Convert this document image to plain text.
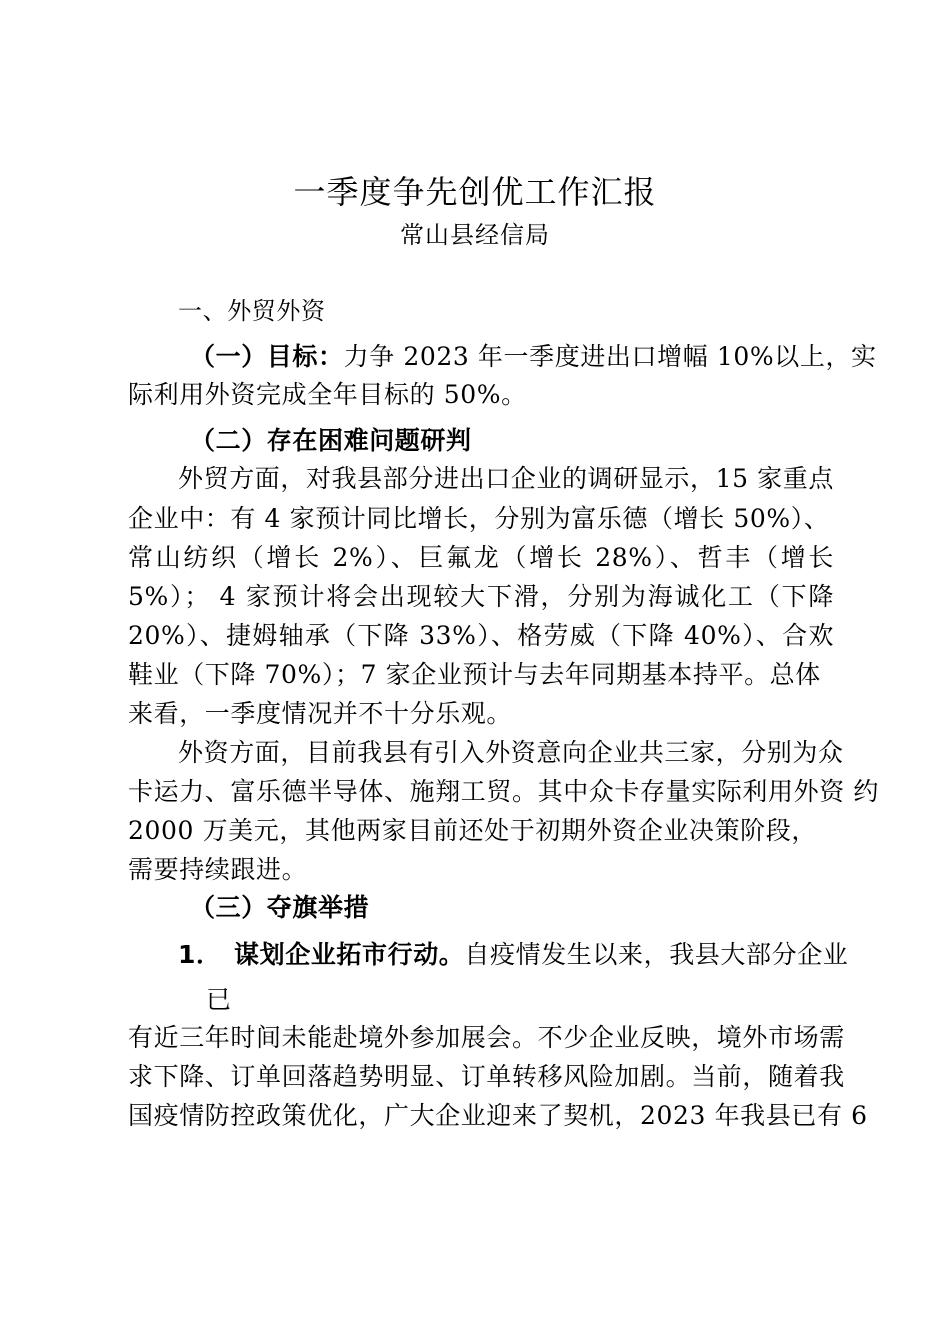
一季度争先创优工作汇报
常山县经信局
一、外贸外资
（一）目标：力争 2023 年一季度进出口增幅 10%以上，实
际利用外资完成全年目标的 50%。
（二）存在困难问题研判
外贸方面，对我县部分进出口企业的调研显示，15 家重点
企业中：有 4 家预计同比增长，分别为富乐德（增长 50%）、
常山纺织（增长 2%）、巨氟龙（增长 28%）、哲丰（增长
5%）； 4 家预计将会出现较大下滑，分别为海诚化工（下降
20%）、捷姆轴承（下降 33%）、格劳威（下降 40%）、合欢
鞋业（下降 70%）；7 家企业预计与去年同期基本持平。总体
来看，一季度情况并不十分乐观。
外资方面，目前我县有引入外资意向企业共三家，分别为众
卡运力、富乐德半导体、施翔工贸。其中众卡存量实际利用外资 约
2000 万美元，其他两家目前还处于初期外资企业决策阶段，
需要持续跟进。
（三）夺旗举措
1． 谋划企业拓市行动。自疫情发生以来，我县大部分企业
已
有近三年时间未能赴境外参加展会。不少企业反映，境外市场需
求下降、订单回落趋势明显、订单转移风险加剧。当前，随着我
国疫情防控政策优化，广大企业迎来了契机，2023 年我县已有 6
